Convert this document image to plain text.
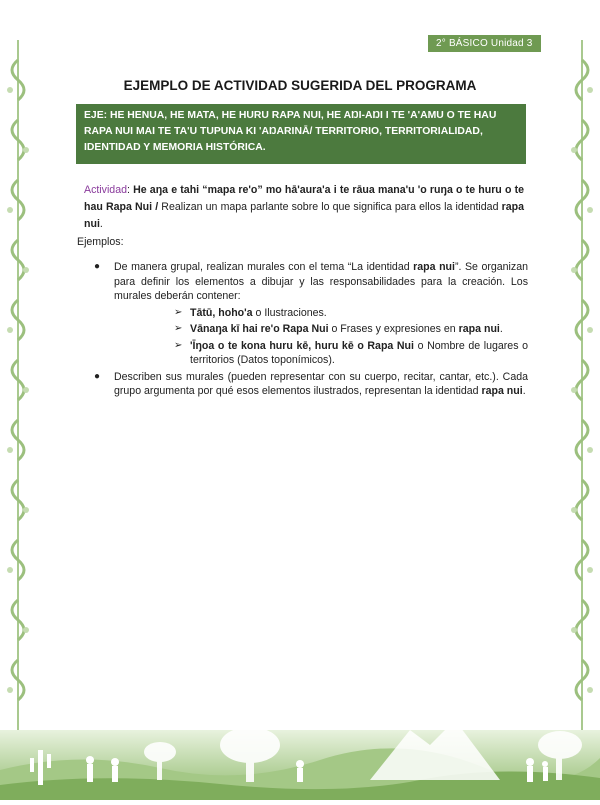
2° BÁSICO Unidad 3
EJEMPLO DE ACTIVIDAD SUGERIDA DEL PROGRAMA
EJE: HE HENUA, HE MATA, HE HURU RAPA NUI, HE AŊI-AŊI I TE 'A'AMU O TE HAU RAPA NUI MAI TE TA'U TUPUNA KI 'AŊARINĀ/ TERRITORIO, TERRITORIALIDAD, IDENTIDAD Y MEMORIA HISTÓRICA.
Actividad: He aŋa e tahi “mapa re'o” mo hā'aura'a i te rāua mana'u 'o ruŋa o te huru o te hau Rapa Nui / Realizan un mapa parlante sobre lo que significa para ellos la identidad rapa nui.
Ejemplos:
● De manera grupal, realizan murales con el tema “La identidad rapa nui”. Se organizan para definir los elementos a dibujar y las responsabilidades para la creación. Los murales deberán contener:
➢ Tātū, hoho'a o Ilustraciones.
➢ Vānaŋa kī hai re'o Rapa Nui o Frases y expresiones en rapa nui.
➢ 'Īŋoa o te kona huru kē, huru kē o Rapa Nui o Nombre de lugares o territorios (Datos toponímicos).
● Describen sus murales (pueden representar con su cuerpo, recitar, cantar, etc.). Cada grupo argumenta por qué esos elementos ilustrados, representan la identidad rapa nui.
